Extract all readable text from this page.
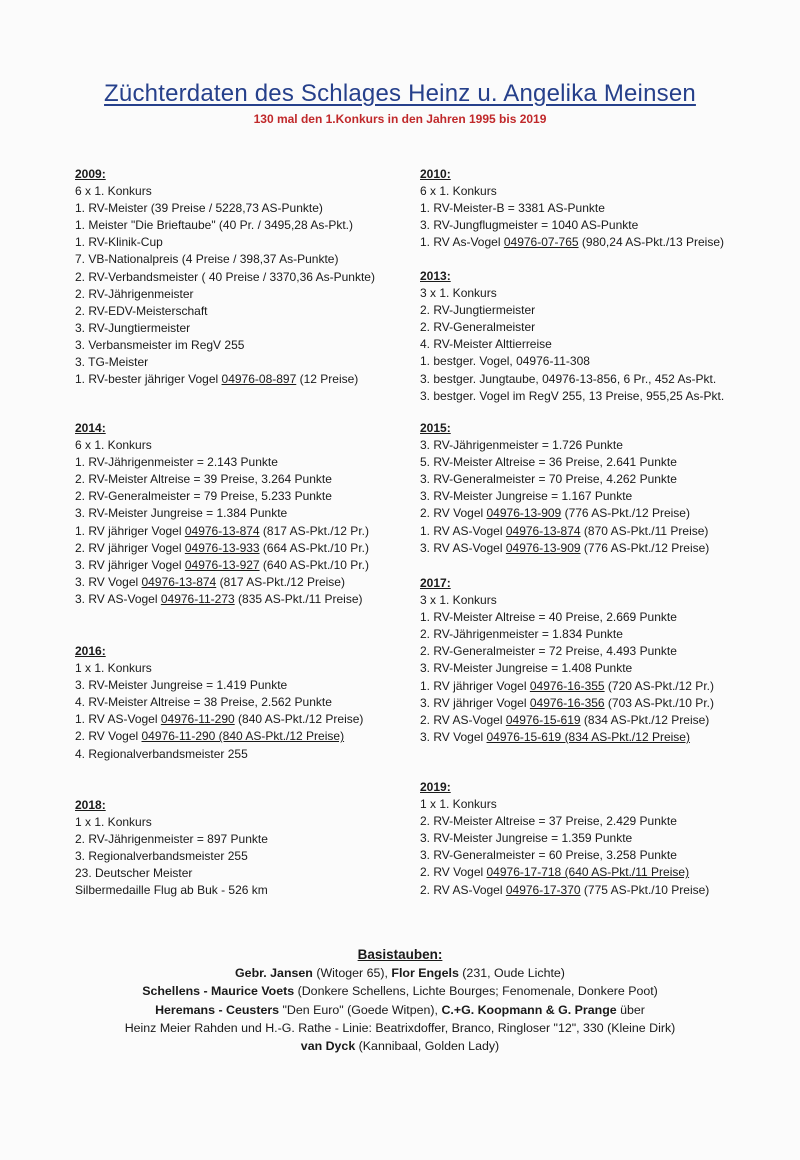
Züchterdaten des Schlages Heinz u. Angelika Meinsen
130 mal den 1.Konkurs in den Jahren 1995 bis 2019
2009:
6 x 1. Konkurs
1. RV-Meister (39 Preise / 5228,73 AS-Punkte)
1. Meister "Die Brieftaube" (40 Pr. / 3495,28 As-Pkt.)
1. RV-Klinik-Cup
7. VB-Nationalpreis (4 Preise / 398,37 As-Punkte)
2. RV-Verbandsmeister ( 40 Preise / 3370,36 As-Punkte)
2. RV-Jährigenmeister
2. RV-EDV-Meisterschaft
3. RV-Jungtiermeister
3. Verbansmeister im RegV 255
3. TG-Meister
1. RV-bester jähriger Vogel 04976-08-897 (12 Preise)
2010:
6 x 1. Konkurs
1. RV-Meister-B = 3381 AS-Punkte
3. RV-Jungflugmeister = 1040 AS-Punkte
1. RV As-Vogel 04976-07-765 (980,24 AS-Pkt./13 Preise)
2013:
3 x 1. Konkurs
2. RV-Jungtiermeister
2. RV-Generalmeister
4. RV-Meister Alttierreise
1. bestger. Vogel, 04976-11-308
3. bestger. Jungtaube, 04976-13-856, 6 Pr., 452 As-Pkt.
3. bestger. Vogel im RegV 255, 13 Preise, 955,25 As-Pkt.
2014:
6 x 1. Konkurs
1. RV-Jährigenmeister = 2.143 Punkte
2. RV-Meister Altreise = 39 Preise, 3.264 Punkte
2. RV-Generalmeister = 79 Preise, 5.233 Punkte
3. RV-Meister Jungreise = 1.384 Punkte
1. RV jähriger Vogel 04976-13-874 (817 AS-Pkt./12 Pr.)
2. RV jähriger Vogel 04976-13-933 (664 AS-Pkt./10 Pr.)
3. RV jähriger Vogel 04976-13-927 (640 AS-Pkt./10 Pr.)
3. RV Vogel 04976-13-874 (817 AS-Pkt./12 Preise)
3. RV AS-Vogel 04976-11-273 (835 AS-Pkt./11 Preise)
2015:
3. RV-Jährigenmeister = 1.726 Punkte
5. RV-Meister Altreise = 36 Preise, 2.641 Punkte
3. RV-Generalmeister = 70 Preise, 4.262 Punkte
3. RV-Meister Jungreise = 1.167 Punkte
2. RV Vogel 04976-13-909 (776 AS-Pkt./12 Preise)
1. RV AS-Vogel 04976-13-874 (870 AS-Pkt./11 Preise)
3. RV AS-Vogel 04976-13-909 (776 AS-Pkt./12 Preise)
2017:
3 x 1. Konkurs
1. RV-Meister Altreise = 40 Preise, 2.669 Punkte
2. RV-Jährigenmeister = 1.834 Punkte
2. RV-Generalmeister = 72 Preise, 4.493 Punkte
3. RV-Meister Jungreise = 1.408 Punkte
1. RV jähriger Vogel 04976-16-355 (720 AS-Pkt./12 Pr.)
3. RV jähriger Vogel 04976-16-356 (703 AS-Pkt./10 Pr.)
2. RV AS-Vogel 04976-15-619 (834 AS-Pkt./12 Preise)
3. RV Vogel 04976-15-619 (834 AS-Pkt./12 Preise)
2016:
1 x 1. Konkurs
3. RV-Meister Jungreise = 1.419 Punkte
4. RV-Meister Altreise = 38 Preise, 2.562 Punkte
1. RV AS-Vogel 04976-11-290 (840 AS-Pkt./12 Preise)
2. RV Vogel 04976-11-290 (840 AS-Pkt./12 Preise)
4. Regionalverbandsmeister 255
2019:
1 x 1. Konkurs
2. RV-Meister Altreise = 37 Preise, 2.429 Punkte
3. RV-Meister Jungreise = 1.359 Punkte
3. RV-Generalmeister = 60 Preise, 3.258 Punkte
2. RV Vogel 04976-17-718 (640 AS-Pkt./11 Preise)
2. RV AS-Vogel 04976-17-370 (775 AS-Pkt./10 Preise)
2018:
1 x 1. Konkurs
2. RV-Jährigenmeister = 897 Punkte
3. Regionalverbandsmeister 255
23. Deutscher Meister
Silbermedaille Flug ab Buk - 526 km
Basistauben:
Gebr. Jansen (Witoger 65), Flor Engels (231, Oude Lichte)
Schellens - Maurice Voets (Donkere Schellens, Lichte Bourges; Fenomenale, Donkere Poot)
Heremans - Ceusters "Den Euro" (Goede Witpen), C.+G. Koopmann & G. Prange über
Heinz Meier Rahden und H.-G. Rathe - Linie: Beatrixdoffer, Branco, Ringloser "12", 330 (Kleine Dirk)
van Dyck (Kannibaal, Golden Lady)
